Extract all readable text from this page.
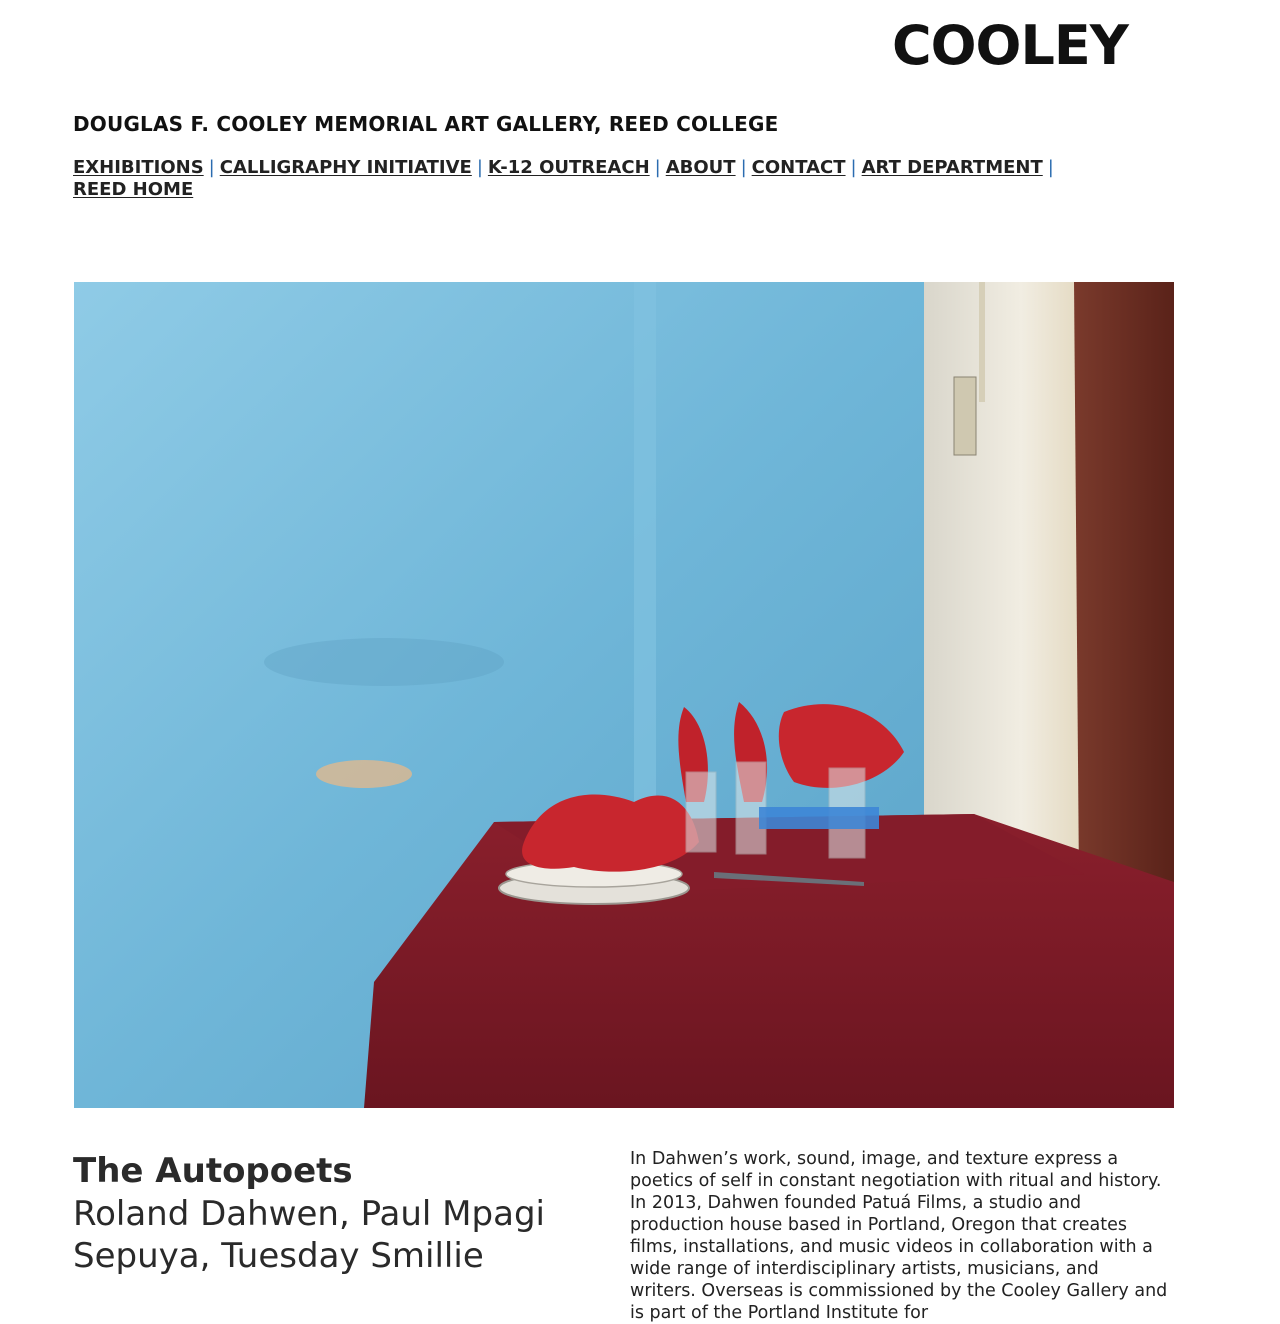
COOLEY
DOUGLAS F. COOLEY MEMORIAL ART GALLERY, REED COLLEGE
EXHIBITIONS | CALLIGRAPHY INITIATIVE | K-12 OUTREACH | ABOUT | CONTACT | ART DEPARTMENT |
REED HOME
The Autopoets
Roland Dahwen, Paul Mpagi Sepuya, Tuesday Smillie

In Dahwen’s work, sound, image, and texture express a poetics of self in constant negotiation with ritual and history. In 2013, Dahwen founded Patuá Films, a studio and production house based in Portland, Oregon that creates films, installations, and music videos in collaboration with a wide range of interdisciplinary artists, musicians, and writers. Overseas is commissioned by the Cooley Gallery and is part of the Portland Institute for
